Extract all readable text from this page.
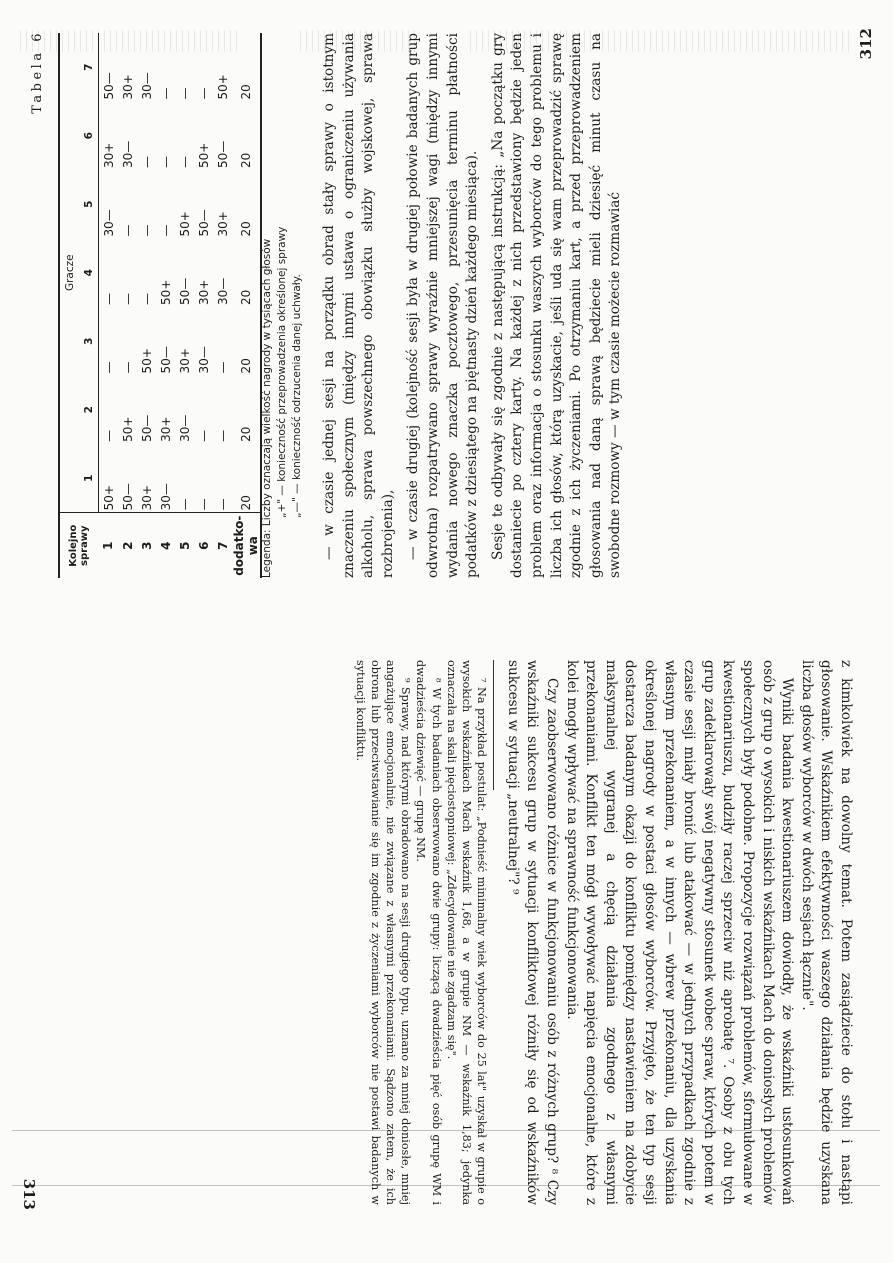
312
Tabela 6
Kolejno sprawy	Gracze						
	1	2	3	4	5	6	7
1	50+	—	—	—	30—	30+	50—
2	50—	50+	—	—	—	30—	30+
3	30+	50—	50+	—	—	—	30—
4	30—	30+	50—	50+	—	—	—
5	—	30—	30+	50—	50+	—	—
6	—	—	30—	30+	50—	50+	—
7	—	—	—	30—	30+	50—	50+
dodatko-wa	20	20	20	20	20	20	20
Legenda: Liczby oznaczają wielkość nagrody w tysiącach głosów „+" — konieczność przeprowadzenia określonej sprawy „—" — konieczność odrzucenia danej uchwały. — w czasie jednej sesji na porządku obrad stały sprawy o istotnym znaczeniu społecznym (między innymi ustawa o ograniczeniu używania alkoholu, sprawa powszechnego obowiązku służby wojskowej, sprawa rozbrojenia), — w czasie drugiej (kolejność sesji była w drugiej połowie badanych grup odwrotna) rozpatrywano sprawy wyraźnie mniejszej wagi (między innymi wydania nowego znaczka pocztowego, przesunięcia terminu płatności podatków z dziesiątego na piętnasty dzień każdego miesiąca). Sesje te odbywały się zgodnie z następującą instrukcją: „Na początku gry dostaniecie po cztery karty. Na każdej z nich przedstawiony będzie jeden problem oraz informacja o stosunku waszych wyborców do tego problemu i liczba ich głosów, którą uzyskacie, jeśli uda się wam przeprowadzić sprawę zgodnie z ich życzeniami. Po otrzymaniu kart, a przed przeprowadzeniem głosowania nad daną sprawą będziecie mieli dziesięć minut czasu na swobodne rozmowy — w tym czasie możecie rozmawiać

z kimkolwiek na dowolny temat. Potem zasiądziecie do stołu i nastąpi głosowanie. Wskaźnikiem efektywności waszego działania będzie uzyskana liczba głosów wyborców w dwóch sesjach łącznie".

Wyniki badania kwestionariuszem dowiodły, że wskaźniki ustosunkowań osób z grup o wysokich i niskich wskaźnikach Mach do doniosłych problemów społecznych były podobne. Propozycje rozwiązań problemów, sformułowane w kwestionariuszu, budziły raczej sprzeciw niż aprobatę ⁷. Osoby z obu tych grup zadeklarowały swój negatywny stosunek wobec spraw, których potem w czasie sesji miały bronić lub atakować — w jednych przypadkach zgodnie z własnym przekonaniem, a w innych — wbrew przekonaniu, dla uzyskania określonej nagrody w postaci głosów wyborców. Przyjęto, że ten typ sesji dostarcza badanym okazji do konfliktu pomiędzy nastawieniem na zdobycie maksymalnej wygranej a chęcią działania zgodnego z własnymi przekonaniami. Konflikt ten mógł wywoływać napięcia emocjonalne, które z kolei mogły wpływać na sprawność funkcjonowania.

Czy zaobserwowano różnice w funkcjonowaniu osób z różnych grup? ⁸ Czy wskaźniki sukcesu grup w sytuacji konfliktowej różniły się od wskaźników sukcesu w sytuacji „neutralnej"? ⁹

⁷ Na przykład postulat: „Podnieść minimalny wiek wyborców do 25 lat" uzyskał w grupie o wysokich wskaźnikach Mach wskaźnik 1,68, a w grupie NM — wskaźnik 1,83; jedynka oznaczała na skali pięciostopniowej: „Zdecydowanie nie zgadzam się".

⁸ W tych badaniach obserwowano dwie grupy: liczącą dwadzieścia pięć osób grupę WM i dwadzieścia dziewięć — grupę NM.

⁹ Sprawy, nad którymi obradowano na sesji drugiego typu, uznano za mniej doniosłe, mniej angażujące emocjonalnie, nie związane z własnymi przekonaniami. Sądzono zatem, że ich obrona lub przeciwstawianie się im zgodnie z życzeniami wyborców nie postawi badanych w sytuacji konfliktu.

313
